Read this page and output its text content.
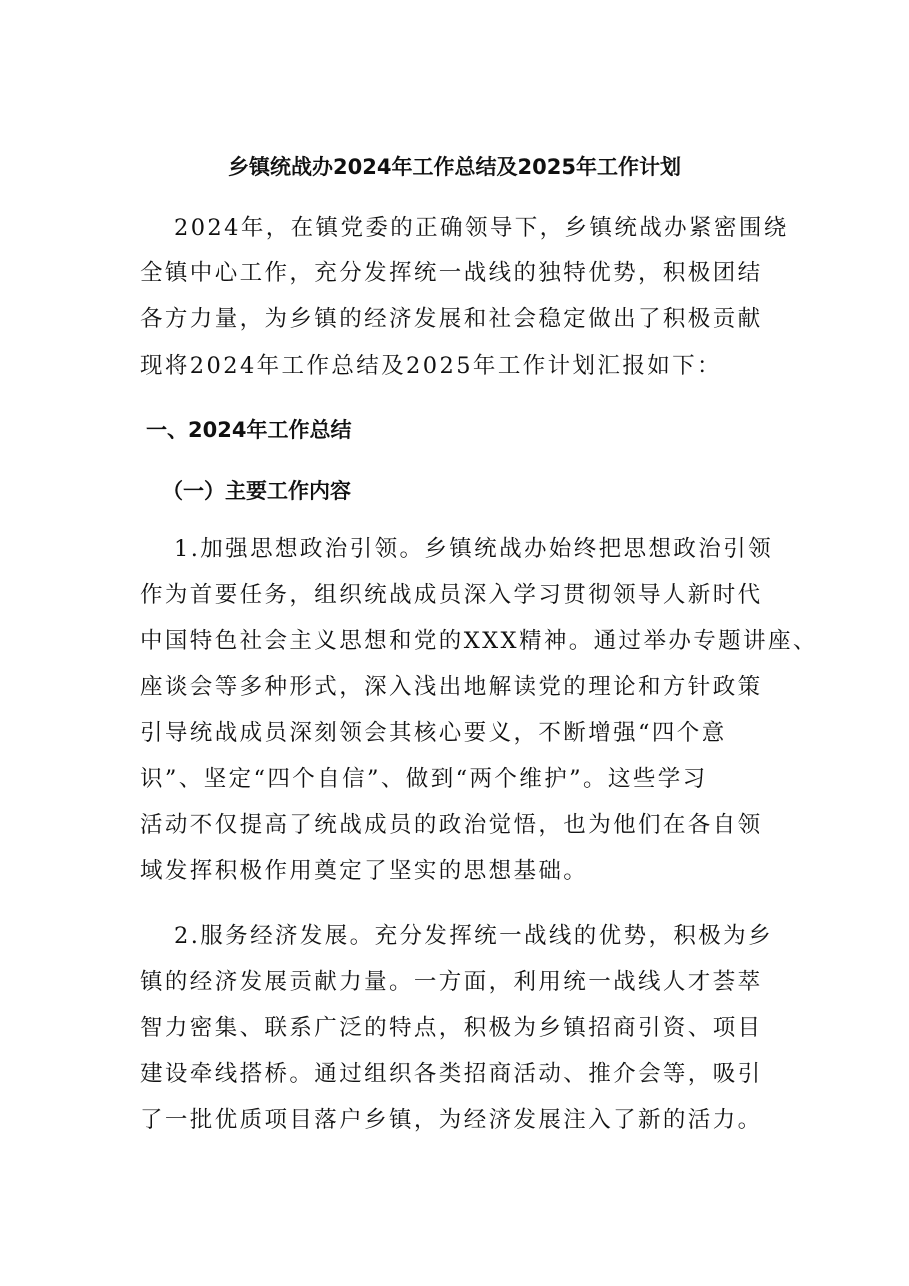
乡镇统战办2024年工作总结及2025年工作计划
2024年，在镇党委的正确领导下，乡镇统战办紧密围绕
全镇中心工作，充分发挥统一战线的独特优势，积极团结
各方力量，为乡镇的经济发展和社会稳定做出了积极贡献
现将2024年工作总结及2025年工作计划汇报如下：
一、2024年工作总结
（一）主要工作内容
1.加强思想政治引领。乡镇统战办始终把思想政治引领
作为首要任务，组织统战成员深入学习贯彻领导人新时代
中国特色社会主义思想和党的XXX精神。通过举办专题讲座、
座谈会等多种形式，深入浅出地解读党的理论和方针政策
引导统战成员深刻领会其核心要义，不断增强“四个意
识”、坚定“四个自信”、做到“两个维护”。这些学习
活动不仅提高了统战成员的政治觉悟，也为他们在各自领
域发挥积极作用奠定了坚实的思想基础。
2.服务经济发展。充分发挥统一战线的优势，积极为乡
镇的经济发展贡献力量。一方面，利用统一战线人才荟萃
智力密集、联系广泛的特点，积极为乡镇招商引资、项目
建设牵线搭桥。通过组织各类招商活动、推介会等，吸引
了一批优质项目落户乡镇，为经济发展注入了新的活力。
